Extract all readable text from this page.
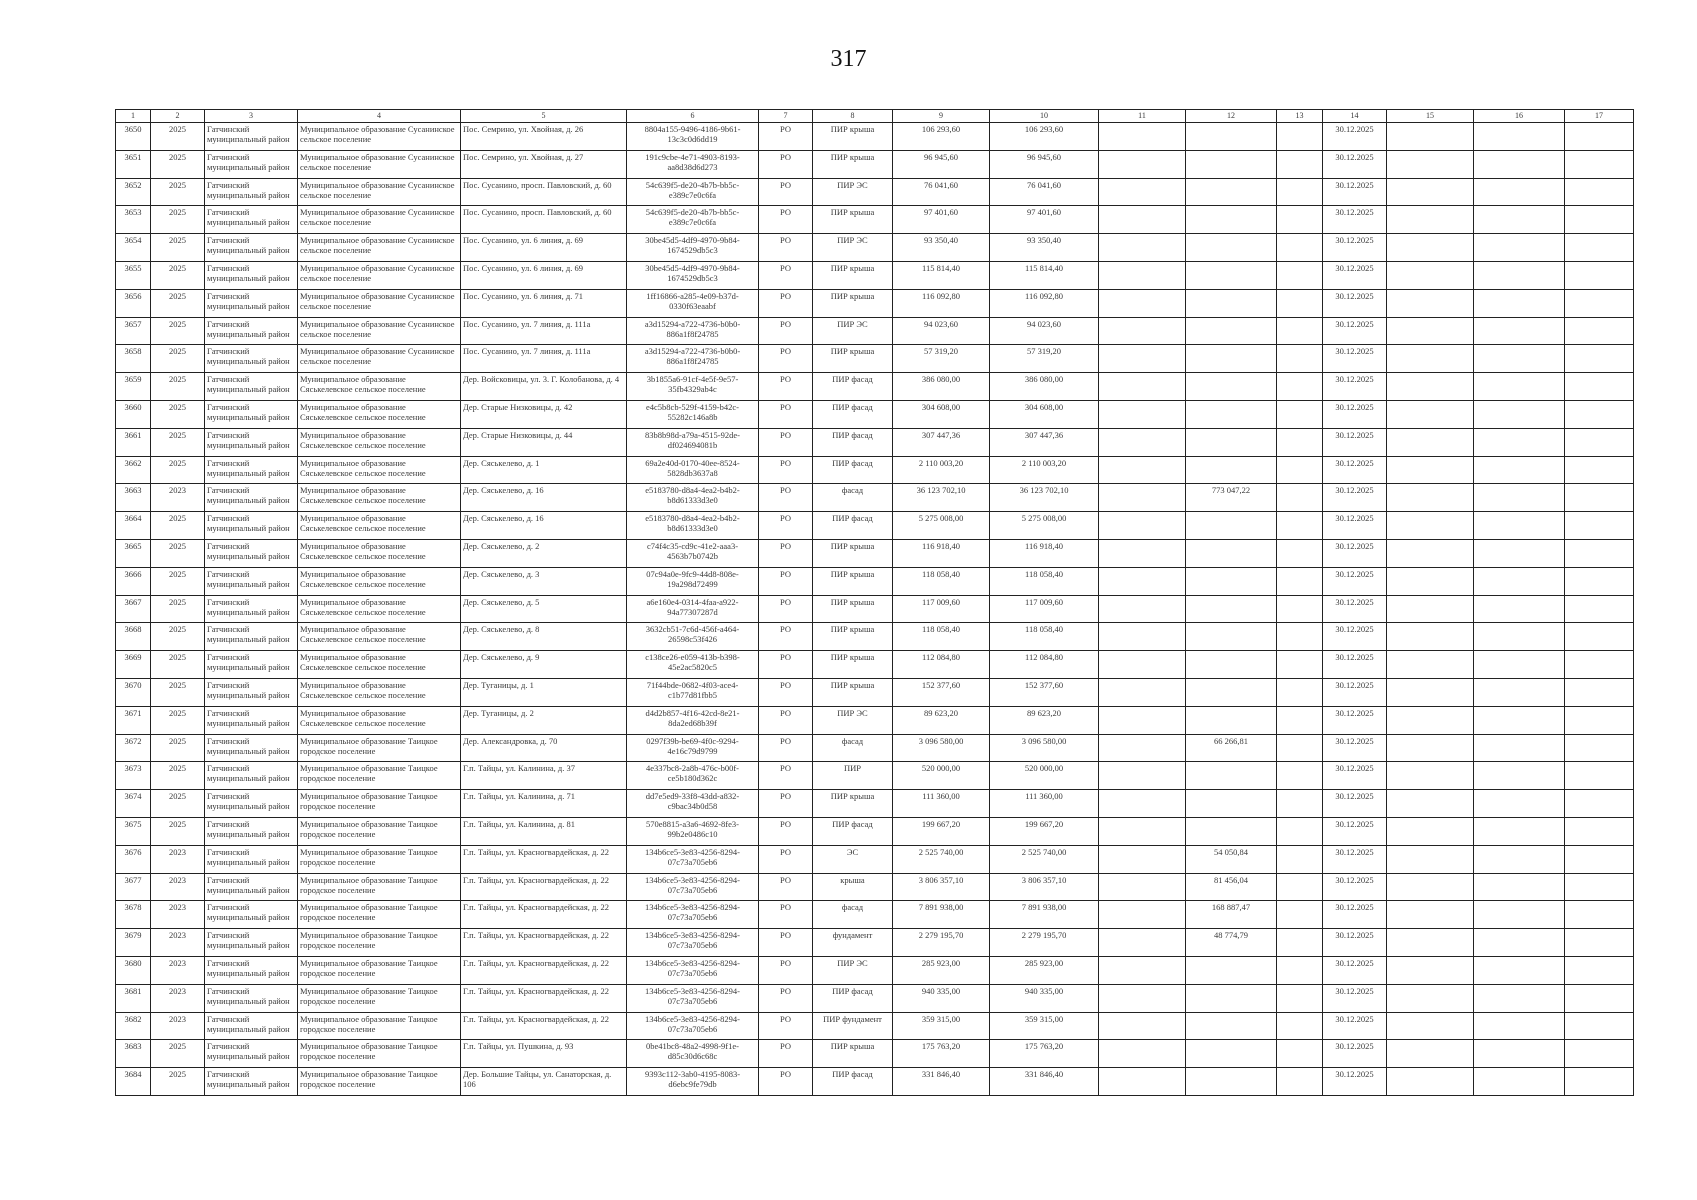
317
1	2	3	4	5	6	7	8	9	10	11	12	13	14	15	16	17
3650	2025	Гатчинский муниципальный район	Муниципальное образование Сусанинское сельское поселение	Пос. Семрино, ул. Хвойная, д. 26	8804a155-9496-4186-9b61-13c3c0d6dd19	РО	ПИР крыша	106 293,60	106 293,60				30.12.2025			
3651	2025	Гатчинский муниципальный район	Муниципальное образование Сусанинское сельское поселение	Пос. Семрино, ул. Хвойная, д. 27	191c9cbe-4e71-4903-8193-aa8d38d6d273	РО	ПИР крыша	96 945,60	96 945,60				30.12.2025			
3652	2025	Гатчинский муниципальный район	Муниципальное образование Сусанинское сельское поселение	Пос. Сусанино, просп. Павловский, д. 60	54c639f5-de20-4b7b-bb5c-e389c7e0c6fa	РО	ПИР ЭС	76 041,60	76 041,60				30.12.2025			
3653	2025	Гатчинский муниципальный район	Муниципальное образование Сусанинское сельское поселение	Пос. Сусанино, просп. Павловский, д. 60	54c639f5-de20-4b7b-bb5c-e389c7e0c6fa	РО	ПИР крыша	97 401,60	97 401,60				30.12.2025			
3654	2025	Гатчинский муниципальный район	Муниципальное образование Сусанинское сельское поселение	Пос. Сусанино, ул. 6 линия, д. 69	30be45d5-4df9-4970-9b84-1674529db5c3	РО	ПИР ЭС	93 350,40	93 350,40				30.12.2025			
3655	2025	Гатчинский муниципальный район	Муниципальное образование Сусанинское сельское поселение	Пос. Сусанино, ул. 6 линия, д. 69	30be45d5-4df9-4970-9b84-1674529db5c3	РО	ПИР крыша	115 814,40	115 814,40				30.12.2025			
3656	2025	Гатчинский муниципальный район	Муниципальное образование Сусанинское сельское поселение	Пос. Сусанино, ул. 6 линия, д. 71	1ff16866-a285-4e09-b37d-0330f63eaabf	РО	ПИР крыша	116 092,80	116 092,80				30.12.2025			
3657	2025	Гатчинский муниципальный район	Муниципальное образование Сусанинское сельское поселение	Пос. Сусанино, ул. 7 линия, д. 111а	a3d15294-a722-4736-b0b0-886a1f8f24785	РО	ПИР ЭС	94 023,60	94 023,60				30.12.2025			
3658	2025	Гатчинский муниципальный район	Муниципальное образование Сусанинское сельское поселение	Пос. Сусанино, ул. 7 линия, д. 111а	a3d15294-a722-4736-b0b0-886a1f8f24785	РО	ПИР крыша	57 319,20	57 319,20				30.12.2025			
3659	2025	Гатчинский муниципальный район	Муниципальное образование Сяськелевское сельское поселение	Дер. Войсковицы, ул. 3. Г. Колобановa, д. 4	3b1855a6-91cf-4e5f-9e57-35fb4329ab4c	РО	ПИР фасад	386 080,00	386 080,00				30.12.2025			
3660	2025	Гатчинский муниципальный район	Муниципальное образование Сяськелевское сельское поселение	Дер. Старые Низковицы, д. 42	e4c5b8cb-529f-4159-b42c-55282c146a8b	РО	ПИР фасад	304 608,00	304 608,00				30.12.2025			
3661	2025	Гатчинский муниципальный район	Муниципальное образование Сяськелевское сельское поселение	Дер. Старые Низковицы, д. 44	83b8b98d-a79a-4515-92de-df024694081b	РО	ПИР фасад	307 447,36	307 447,36				30.12.2025			
3662	2025	Гатчинский муниципальный район	Муниципальное образование Сяськелевское сельское поселение	Дер. Сяськелево, д. 1	69a2e40d-0170-40ee-8524-5828db3637a8	РО	ПИР фасад	2 110 003,20	2 110 003,20				30.12.2025			
3663	2023	Гатчинский муниципальный район	Муниципальное образование Сяськелевское сельское поселение	Дер. Сяськелево, д. 16	e5183780-d8a4-4ea2-b4b2-b8d61333d3e0	РО	фасад	36 123 702,10	36 123 702,10		773 047,22		30.12.2025			
3664	2025	Гатчинский муниципальный район	Муниципальное образование Сяськелевское сельское поселение	Дер. Сяськелево, д. 16	e5183780-d8a4-4ea2-b4b2-b8d61333d3e0	РО	ПИР фасад	5 275 008,00	5 275 008,00				30.12.2025			
3665	2025	Гатчинский муниципальный район	Муниципальное образование Сяськелевское сельское поселение	Дер. Сяськелево, д. 2	c74f4c35-cd9c-41e2-aaa3-4563b7b0742b	РО	ПИР крыша	116 918,40	116 918,40				30.12.2025			
3666	2025	Гатчинский муниципальный район	Муниципальное образование Сяськелевское сельское поселение	Дер. Сяськелево, д. 3	07c94a0e-9fc9-44d8-808e-19a298d72499	РО	ПИР крыша	118 058,40	118 058,40				30.12.2025			
3667	2025	Гатчинский муниципальный район	Муниципальное образование Сяськелевское сельское поселение	Дер. Сяськелево, д. 5	a6e160e4-0314-4faa-a922-94a77307287d	РО	ПИР крыша	117 009,60	117 009,60				30.12.2025			
3668	2025	Гатчинский муниципальный район	Муниципальное образование Сяськелевское сельское поселение	Дер. Сяськелево, д. 8	3632cb51-7c6d-456f-a464-26598c53f426	РО	ПИР крыша	118 058,40	118 058,40				30.12.2025			
3669	2025	Гатчинский муниципальный район	Муниципальное образование Сяськелевское сельское поселение	Дер. Сяськелево, д. 9	c138ce26-e059-413b-b398-45e2ac5820c5	РО	ПИР крыша	112 084,80	112 084,80				30.12.2025			
3670	2025	Гатчинский муниципальный район	Муниципальное образование Сяськелевское сельское поселение	Дер. Тугaницы, д. 1	71f44bde-0682-4f03-ace4-c1b77d81fbb5	РО	ПИР крыша	152 377,60	152 377,60				30.12.2025			
3671	2025	Гатчинский муниципальный район	Муниципальное образование Сяськелевское сельское поселение	Дер. Тугaницы, д. 2	d4d2b857-4f16-42cd-8e21-8da2ed68b39f	РО	ПИР ЭС	89 623,20	89 623,20				30.12.2025			
3672	2025	Гатчинский муниципальный район	Муниципальное образование Таицкое городское поселение	Дер. Александровка, д. 70	0297f39b-be69-4f0c-9294-4e16c79d9799	РО	фасад	3 096 580,00	3 096 580,00		66 266,81		30.12.2025			
3673	2025	Гатчинский муниципальный район	Муниципальное образование Таицкое городское поселение	Г.п. Тайцы, ул. Калинина, д. 37	4e337bc8-2a8b-476c-b00f-ce5b180d362c	РО	ПИР	520 000,00	520 000,00				30.12.2025			
3674	2025	Гатчинский муниципальный район	Муниципальное образование Таицкое городское поселение	Г.п. Тайцы, ул. Калинина, д. 71	dd7e5ed9-33f8-43dd-a832-c9bac34b0d58	РО	ПИР крыша	111 360,00	111 360,00				30.12.2025			
3675	2025	Гатчинский муниципальный район	Муниципальное образование Таицкое городское поселение	Г.п. Тайцы, ул. Калинина, д. 81	570e8815-a3a6-4692-8fe3-99b2e0486c10	РО	ПИР фасад	199 667,20	199 667,20				30.12.2025			
3676	2023	Гатчинский муниципальный район	Муниципальное образование Таицкое городское поселение	Г.п. Тайцы, ул. Красногвардейская, д. 22	134b6ce5-3e83-4256-8294-07c73a705eb6	РО	ЭС	2 525 740,00	2 525 740,00		54 050,84		30.12.2025			
3677	2023	Гатчинский муниципальный район	Муниципальное образование Таицкое городское поселение	Г.п. Тайцы, ул. Красногвардейская, д. 22	134b6ce5-3e83-4256-8294-07c73a705eb6	РО	крыша	3 806 357,10	3 806 357,10		81 456,04		30.12.2025			
3678	2023	Гатчинский муниципальный район	Муниципальное образование Таицкое городское поселение	Г.п. Тайцы, ул. Красногвардейская, д. 22	134b6ce5-3e83-4256-8294-07c73a705eb6	РО	фасад	7 891 938,00	7 891 938,00		168 887,47		30.12.2025			
3679	2023	Гатчинский муниципальный район	Муниципальное образование Таицкое городское поселение	Г.п. Тайцы, ул. Красногвардейская, д. 22	134b6ce5-3e83-4256-8294-07c73a705eb6	РО	фундамент	2 279 195,70	2 279 195,70		48 774,79		30.12.2025			
3680	2023	Гатчинский муниципальный район	Муниципальное образование Таицкое городское поселение	Г.п. Тайцы, ул. Красногвардейская, д. 22	134b6ce5-3e83-4256-8294-07c73a705eb6	РО	ПИР ЭС	285 923,00	285 923,00				30.12.2025			
3681	2023	Гатчинский муниципальный район	Муниципальное образование Таицкое городское поселение	Г.п. Тайцы, ул. Красногвардейская, д. 22	134b6ce5-3e83-4256-8294-07c73a705eb6	РО	ПИР фасад	940 335,00	940 335,00				30.12.2025			
3682	2023	Гатчинский муниципальный район	Муниципальное образование Таицкое городское поселение	Г.п. Тайцы, ул. Красногвардейская, д. 22	134b6ce5-3e83-4256-8294-07c73a705eb6	РО	ПИР фундамент	359 315,00	359 315,00				30.12.2025			
3683	2025	Гатчинский муниципальный район	Муниципальное образование Таицкое городское поселение	Г.п. Тайцы, ул. Пушкина, д. 93	0be41bc8-48a2-4998-9f1e-d85c30d6c68c	РО	ПИР крыша	175 763,20	175 763,20				30.12.2025			
3684	2025	Гатчинский муниципальный район	Муниципальное образование Таицкое городское поселение	Дер. Большие Тайцы, ул. Санаторская, д. 106	9393c112-3ab0-4195-8083-d6ebc9fe79db	РО	ПИР фасад	331 846,40	331 846,40				30.12.2025			
